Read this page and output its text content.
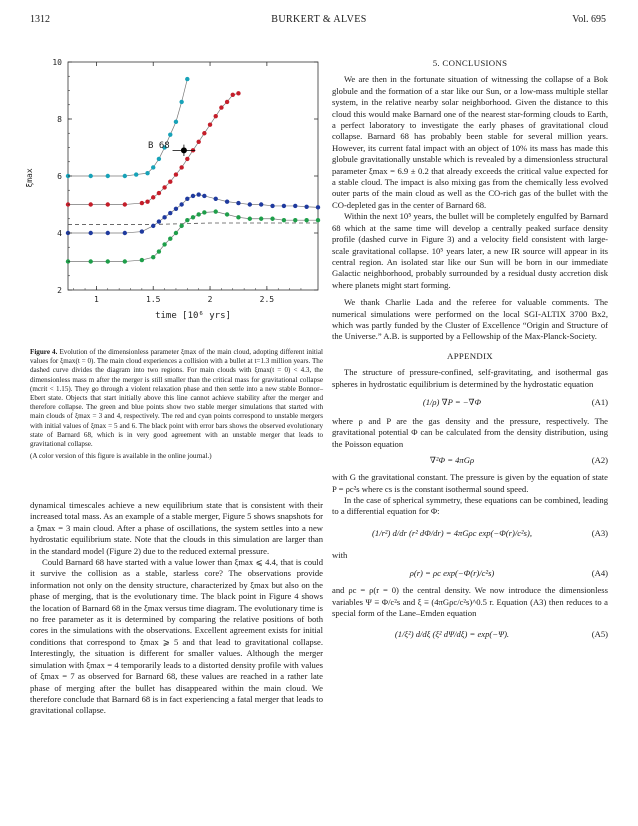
1312	BURKERT & ALVES	Vol. 695
2
4
6
8
10
1	1.5	2	2.5
B 68
time [10⁶ yrs]
ξmax
Figure 4. Evolution of the dimensionless parameter ξmax of the main cloud, adopting different initial values for ξmax(t = 0). The main cloud experiences a collision with a bullet at t=1.3 million years. The dashed curve divides the diagram into two regions. For main clouds with ξmax(t = 0) < 4.3, the dimensionless mass m after the merger is still smaller than the critical mass for gravitational collapse (mcrit < 1.15). They go through a violent relaxation phase and then settle into a new stable Bonnor–Ebert state. Objects that start initially above this line cannot achieve stability after the merger and therefore collapse. The green and blue points show two stable merger simulations that started with main clouds of ξmax = 3 and 4, respectively. The red and cyan points correspond to unstable mergers with initial values of ξmax = 5 and 6. The black point with error bars shows the observed evolutionary state of Barnard 68, which is in very good agreement with an unstable merger that leads to gravitational collapse.
(A color version of this figure is available in the online journal.)

dynamical timescales achieve a new equilibrium state that is consistent with their increased total mass. As an example of a stable merger, Figure 5 shows snapshots for a ξmax = 3 main cloud. After a phase of oscillations, the system settles into a new hydrostatic equilibrium state. Note that the clouds in this simulation are larger than in the standard model (Figure 2) due to the reduced external pressure.

Could Barnard 68 have started with a value lower than ξmax ⩽ 4.4, that is could it survive the collision as a stable, starless core? The observations provide information not only on the density structure, characterized by ξmax but also on the phase of merging, that is the evolutionary time. The black point in Figure 4 shows the location of Barnard 68 in the ξmax versus time diagram. The evolutionary time is no free parameter as it is determined by comparing the relative positions of both cores in the simulations with the observations. Excellent agreement exists for initial conditions that correspond to ξmax ⩾ 5 and that lead to gravitational collapse. Interestingly, the situation is different for smaller values. Although the merger simulation with ξmax = 4 temporarily leads to a distorted density profile with values of ξmax = 7 as observed for Barnard 68, these values are reached in a rather late phase of merging after the bullet has disappeared within the main cloud. We therefore conclude that Barnard 68 is in fact experiencing a fatal merger that leads to gravitational collapse.

5. CONCLUSIONS

We are then in the fortunate situation of witnessing the collapse of a Bok globule and the formation of a star like our Sun, or a low-mass multiple stellar system, in the relative nearby solar neighborhood. Given the distance to this cloud this would make Barnard one of the nearest star-forming clouds to Earth, a perfect laboratory to investigate the early phases of gravitational cloud collapse. Barnard 68 has probably been stable for several million years. However, its current fatal impact with an object of 10% its mass has made this globule gravitationally unstable which is revealed by a dimensionless structural parameter ξmax = 6.9 ± 0.2 that already exceeds the critical value expected for a stable cloud. The impact is also mixing gas from the chemically less evolved outer parts of the main cloud as well as the CO-rich gas of the bullet with the CO-depleted gas in the center of Barnard 68.

Within the next 10⁵ years, the bullet will be completely engulfed by Barnard 68 which at the same time will develop a centrally peaked surface density profile (dashed curve in Figure 3) and a velocity field consistent with large-scale gravitational collapse. 10⁵ years later, a new IR source will appear in its central region. An isolated star like our Sun will be born in our immediate Galactic neighborhood, probably surrounded by a residual dusty accretion disk where planets might start forming.

We thank Charlie Lada and the referee for valuable comments. The numerical simulations were performed on the local SGI-ALTIX 3700 Bx2, which was partly funded by the Cluster of Excellence “Origin and Structure of the Universe.” A.B. is supported by a Fellowship of the Max-Planck-Society.

APPENDIX

The structure of pressure-confined, self-gravitating, and isothermal gas spheres in hydrostatic equilibrium is determined by the hydrostatic equation

(1/ρ) ∇P = −∇Φ	(A1)

where ρ and P are the gas density and the pressure, respectively. The gravitational potential Φ can be calculated from the density distribution, using the Poisson equation

∇²Φ = 4πGρ	(A2)

with G the gravitational constant. The pressure is given by the equation of state P = ρc²s where cs is the constant isothermal sound speed.

In the case of spherical symmetry, these equations can be combined, leading to a differential equation for Φ:

(1/r²) d/dr (r² dΦ/dr) = 4πGρc exp(−Φ(r)/c²s),	(A3)

with

ρ(r) = ρc exp(−Φ(r)/c²s)	(A4)

and ρc = ρ(r = 0) the central density. We now introduce the dimensionless variables Ψ ≡ Φ/c²s and ξ ≡ (4πGρc/c²s)^0.5 r. Equation (A3) then reduces to a special form of the Lane–Emden equation

(1/ξ²) d/dξ (ξ² dΨ/dξ) = exp(−Ψ).	(A5)
